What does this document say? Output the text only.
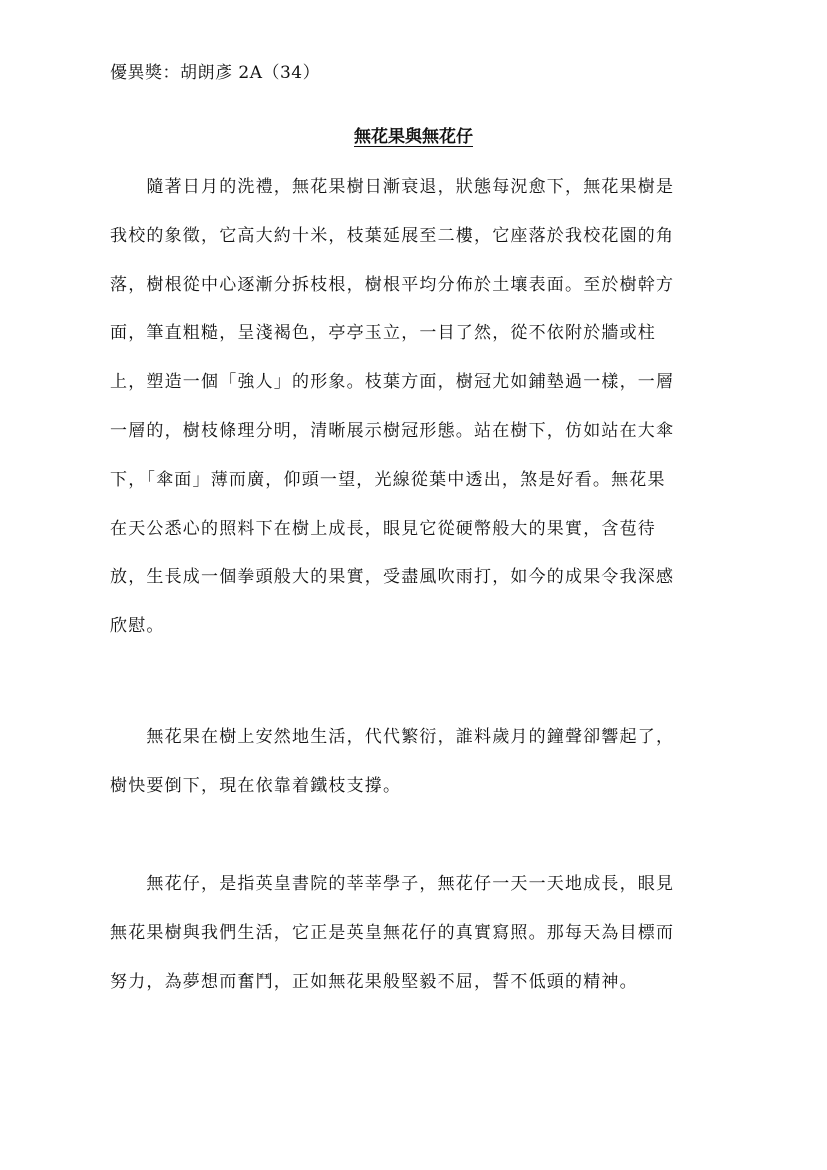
優異獎：胡朗彥 2A（34）
無花果與無花仔
　　隨著日月的洗禮，無花果樹日漸衰退，狀態每況愈下，無花果樹是
我校的象徵，它高大約十米，枝葉延展至二樓，它座落於我校花園的角
落，樹根從中心逐漸分拆枝根，樹根平均分佈於土壤表面。至於樹幹方
面，筆直粗糙，呈淺褐色，亭亭玉立，一目了然，從不依附於牆或柱
上，塑造一個「強人」的形象。枝葉方面，樹冠尤如鋪墊過一樣，一層
一層的，樹枝條理分明，清晰展示樹冠形態。站在樹下，仿如站在大傘
下，「傘面」薄而廣，仰頭一望，光線從葉中透出，煞是好看。無花果
在天公悉心的照料下在樹上成長，眼見它從硬幣般大的果實，含苞待
放，生長成一個拳頭般大的果實，受盡風吹雨打，如今的成果令我深感
欣慰。
　　無花果在樹上安然地生活，代代繁衍，誰料歲月的鐘聲卻響起了，
樹快要倒下，現在依靠着鐵枝支撐。
　　無花仔，是指英皇書院的莘莘學子，無花仔一天一天地成長，眼見
無花果樹與我們生活，它正是英皇無花仔的真實寫照。那每天為目標而
努力，為夢想而奮鬥，正如無花果般堅毅不屈，誓不低頭的精神。
